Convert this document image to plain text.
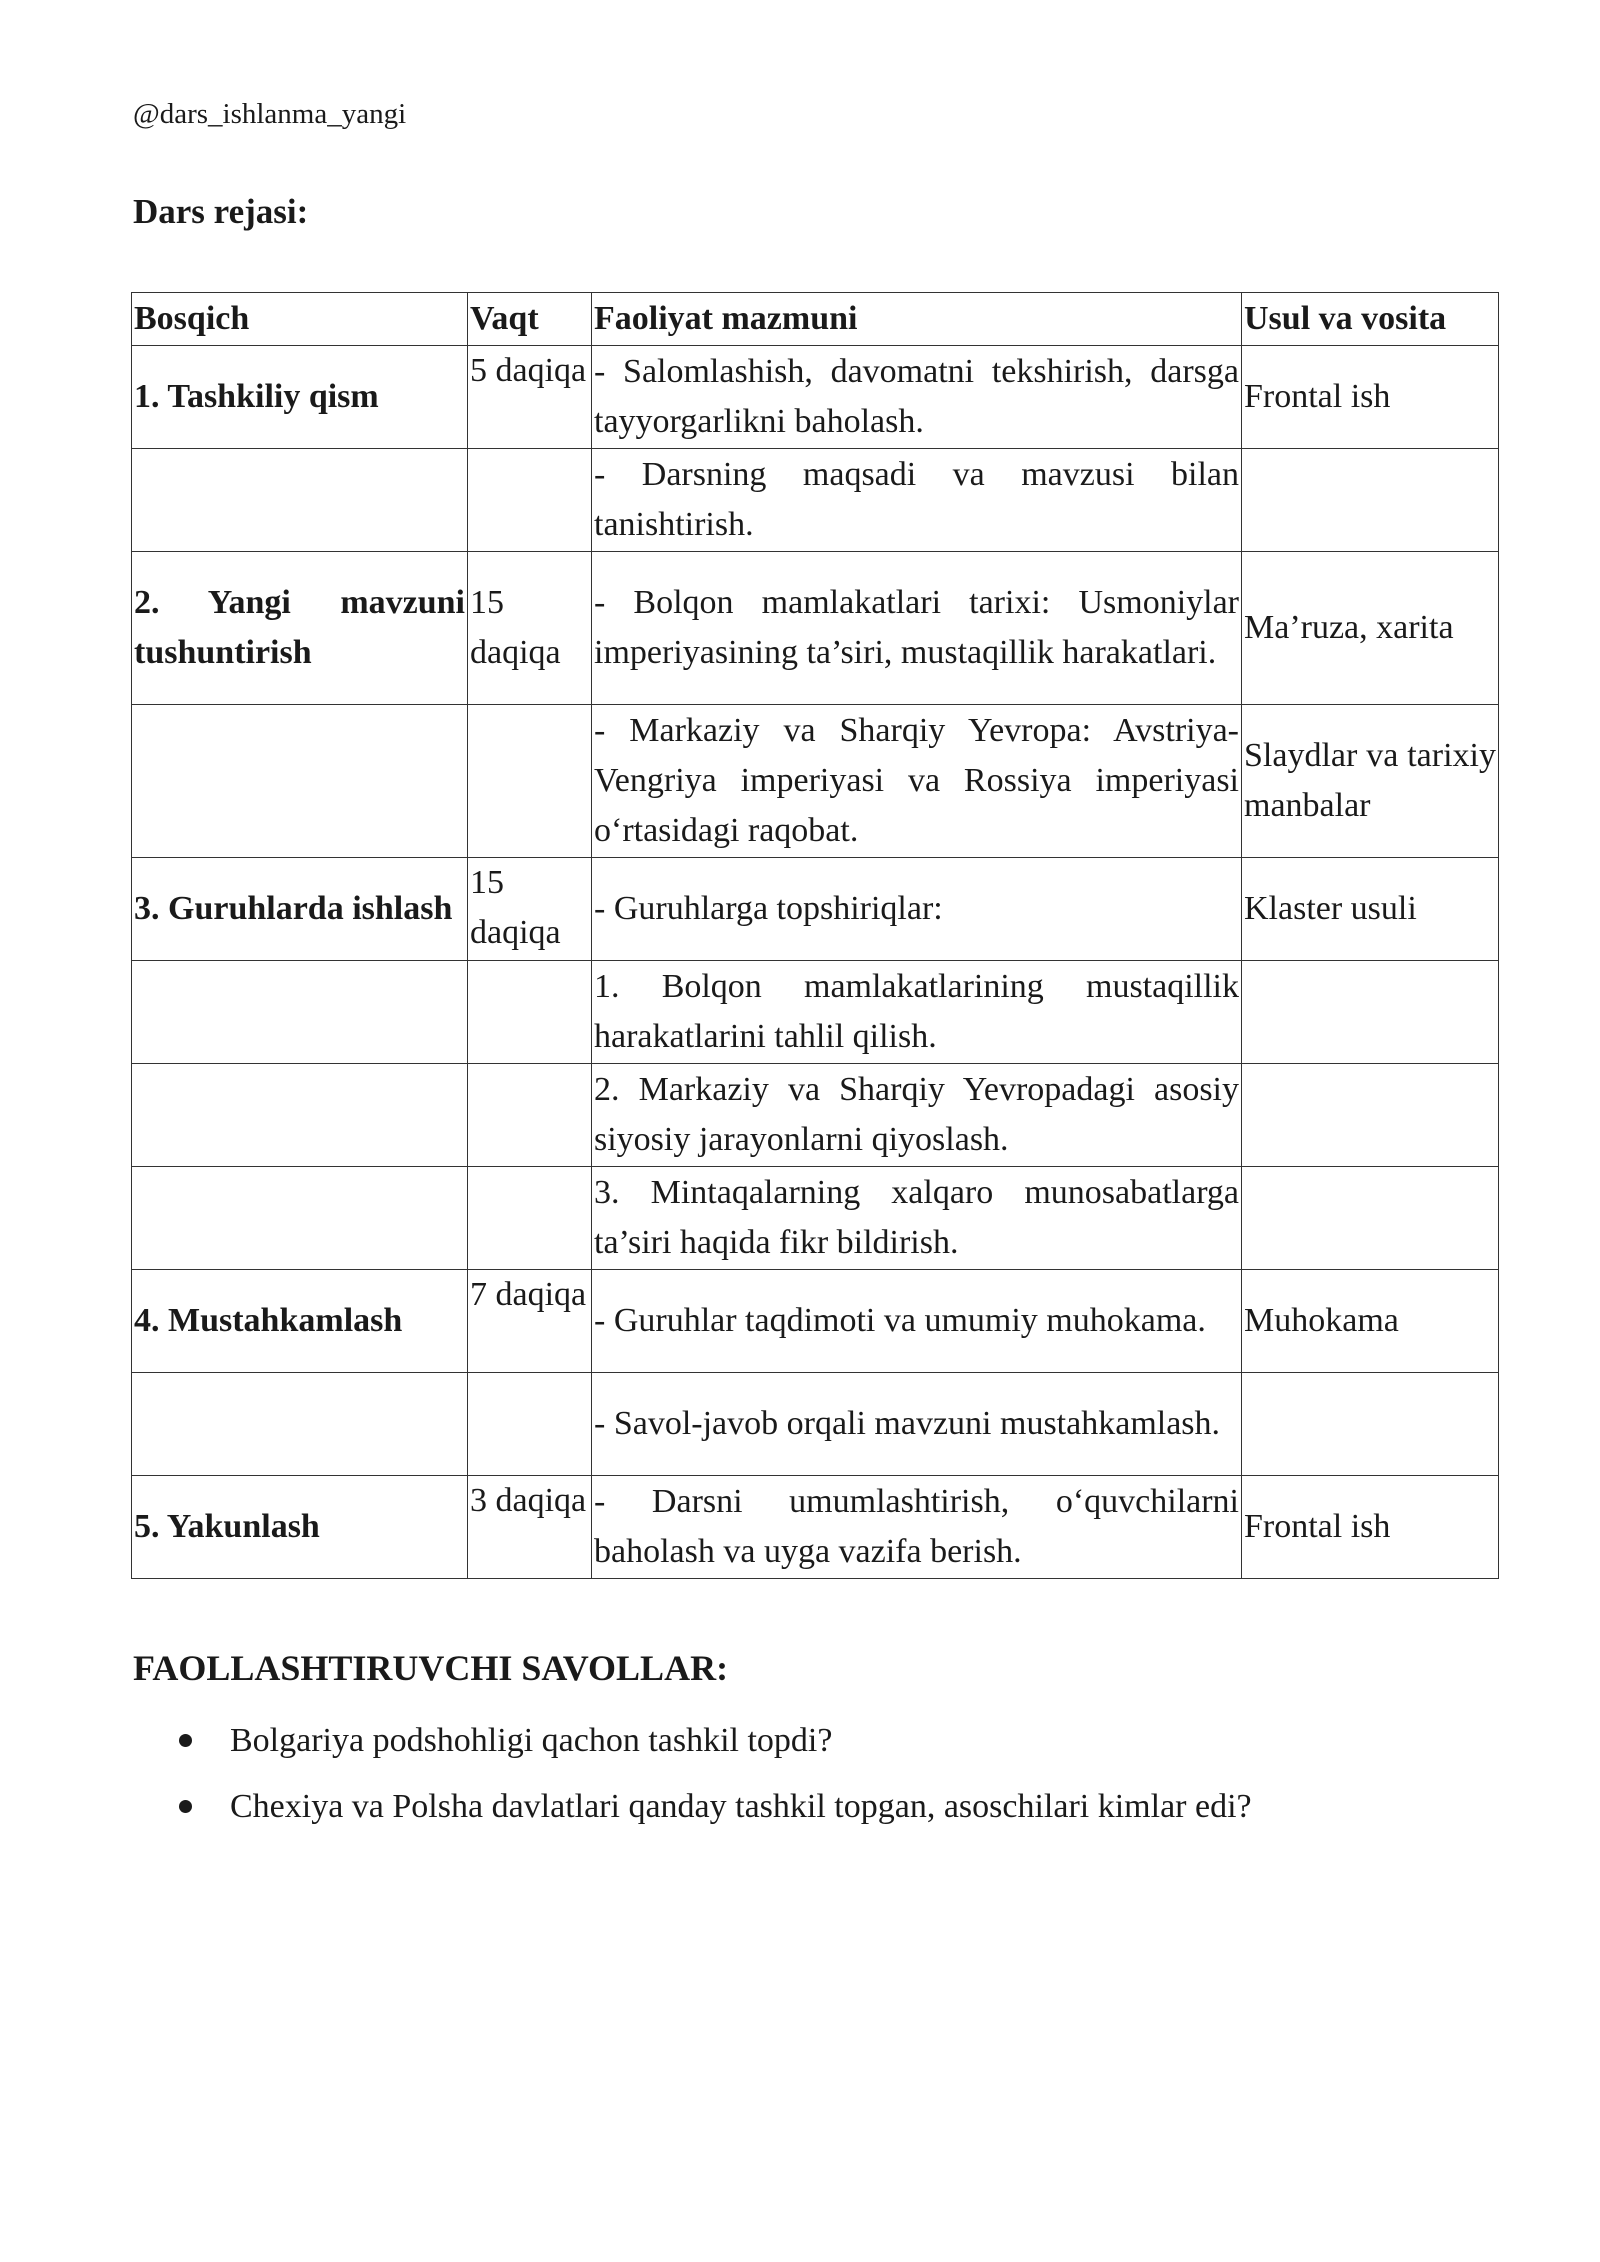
@dars_ishlanma_yangi
Dars rejasi:
Bosqich	Vaqt	Faoliyat mazmuni	Usul va vosita
1. Tashkiliy qism	5 daqiqa	- Salomlashish, davomatni tekshirish, darsga tayyorgarlikni baholash.	Frontal ish
		- Darsning maqsadi va mavzusi bilan tanishtirish.	
2. Yangi mavzuni tushuntirish	15 daqiqa	- Bolqon mamlakatlari tarixi: Usmoniylar imperiyasining ta’siri, mustaqillik harakatlari.	Ma’ruza, xarita
		- Markaziy va Sharqiy Yevropa: Avstriya-Vengriya imperiyasi va Rossiya imperiyasi o‘rtasidagi raqobat.	Slaydlar va tarixiy manbalar
3. Guruhlarda ishlash	15 daqiqa	- Guruhlarga topshiriqlar:	Klaster usuli
		1. Bolqon mamlakatlarining mustaqillik harakatlarini tahlil qilish.	
		2. Markaziy va Sharqiy Yevropadagi asosiy siyosiy jarayonlarni qiyoslash.	
		3. Mintaqalarning xalqaro munosabatlarga ta’siri haqida fikr bildirish.	
4. Mustahkamlash	7 daqiqa	- Guruhlar taqdimoti va umumiy muhokama.	Muhokama
		- Savol-javob orqali mavzuni mustahkamlash.	
5. Yakunlash	3 daqiqa	- Darsni umumlashtirish, o‘quvchilarni baholash va uyga vazifa berish.	Frontal ish
FAOLLASHTIRUVCHI SAVOLLAR:
Bolgariya podshohligi qachon tashkil topdi?
Chexiya va Polsha davlatlari qanday tashkil topgan, asoschilari kimlar edi?
